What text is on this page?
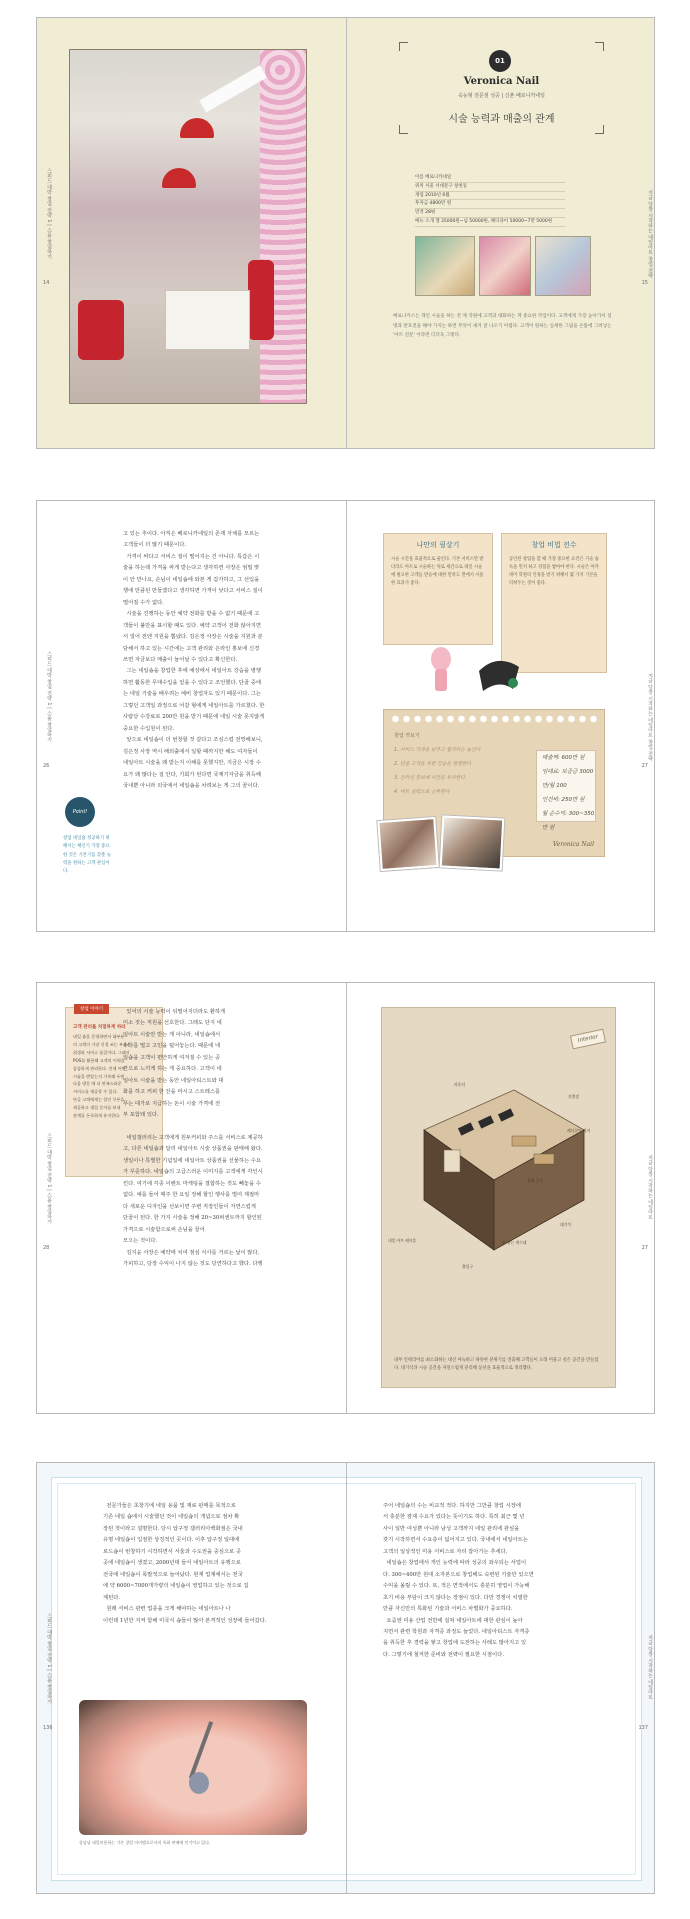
스피드 대박 창업 전략 1 | 스몰 창업하기
14
지금 당장 시작하는 네일아트 창업 전략
15
01
Veronica Nail
숙능형 전문점 성공 | 신촌 베로니카네일
시술 능력과 매출의 관계
이름 베로니카네일
위치 서울 서대문구 창천동
개업 2010년 6월
투자금 4800만 원
면적 28평
메뉴 소개 젤 35000원~넘 50000원, 패디큐어 50000~7만 5000원
베로니카스는 개인 시술을 하는 전 제 직원에 고객과 대화하는 게 중요한 작업이다. 고객에게 가장 높아가서 설명과 반호전을 해야 가지는 하면 무엇이 새겨 잘 나오기 어렵다. 고객이 원하는 심세한 그림을 손톱에 그려넣는 '아트 전문' 이라면 더더욱 그렇다.
스피드 대박 창업 전략 1 | 스몰 창업하기
26
고 있는 추이다. 아직은 베로니카네일의 존재 자체를 모르는
고객들이 더 많기 때문이다.
가격이 싸다고 서비스 질이 떨어지는 건 아니다. 특갑은 시
술을 하는데 가격을 싸게 받는다고 생각하면 사장은 엄밀 맞
이 안 만나요, 손님이 네일숍에 와본 게 갑자하고, 그 선입을
행에 만큼된 만들겠다고 생각하면 가격이 낮다고 서비스 질이
떨어질 수가 없다.
시술을 진행하는 동안 예약 전화를 받을 수 없기 때문에 고
객들이 불만을 표시할 때도 있다. 예약 고객이 전화 않아지면
서 얼어 전엔 지원을 뽐냈다. 김은정 사장은 시술을 지원과 분
담해서 하고 있는 시간에는 고객 관리와 온라인 홍보에 신경
쓰면 자금보다 매출이 늘어날 수 있다고 확신한다.
그는 네일숍을 창업한 후에 예상에서 네일아트 강습을 병행
하면 활동한 무대수입을 얻을 수 있다고 조언했다. 단골 중에
는 네일 기술을 배우려는 예비 창업자도 있기 때문이다. 그는
그렇던 고객일 과정으로 어갈 형에게 네일아트를 가르쳤다. 한
사람당 수강료로 200만 원을 받기 때문에 네일 시술 못지않게
중요한 수입원이 된다.
앞으로 네일숍이 더 번창할 것 같다고 조심스럽 전망해보니,
김은정 사장 역시 해외출에서 일할 때까지만 해도 여자들이
네일아트 시술을 왜 받는지 이해를 못했지만, 지금은 시장 수
요가 왜 많다는 걸 안다, 기회가 된다면 국제기자금을 취득해
국내뿐 아니라 외국에서 네일숍을 차려보는 게 그의 꿈이다.
Point!
창업 네일숍 성공하기 위해서는 체인기 가장 중요한 것은 기본기를 갖춘 능력을 원하는 고객 관심이다.
지금 당장 시작하는 네일아트 창업 전략
27
나만의 필살기
시술 시간을 효율적으로 줄인다. 기본 서비스만 받더라도 아트로 시술하는 뒤로 세간으로 네일 시술에 필요한 고객들 반응에 대한 만족도 면에서 서울한 효과가 좋다.
창업 비법 전수
공인된 창업을 할 때 가장 중요한 요건은 기술 습득을 먼저 하고 경험을 쌓아야 한다. 시술은 아카데미 학원의 인정을 받기 위해서 몇 가지 기본을 익혀두는 것이 좋다.
창업 엿보기
1. 서비스 가격을 낮추고 퀄리티는 높인다
2. 단골 고객을 위한 강습을 병행한다
3. 온라인 홍보에 시간을 투자한다
4. 아트 실력으로 승부한다
매출액: 600만 원
임대료: 보증금 3000만/월 100
인건비: 250만 원
월 순수익: 300~350만 원
Veronica Nail
스피드 대박 창업 전략 1 | 스몰 창업하기
28
창업 이야기
고객 관리를 치밀하게 하라
네일 숍을 운영하면서 대부분
의 고객이 가장 신경 쓰는 부분은
위생과 서비스 품질이다. 그래서
POS를 활용해 고객의 이력을
꼼꼼하게 관리한다. 언제 어떤
시술을 받았는지 기록해 두면
다음 방문 때 더 만족스러운
서비스를 제공할 수 있다.
단골 고객에게는 할인 쿠폰을
제공하고 생일 문자를 보내
관계를 돈독하게 유지한다.
있어의 시술 능력이 뒤떨어지더라도 환하게
미소 짓는 직원을 선호한다. 그래도 단지 네
일아트 시술만 받는 게 아니라, 네일숍에서
수다를 떨고 고민을 털어놓는다. 때문에 네
일숍을 고객이 편안하게 여겨질 수 있는 공
간으로 느끼게 하는 게 중요하다. 고객이 네
일아트 시술을 받는 동안 네일아티스트와 대
화를 하고 커피 한 잔을 마시고 스트레스를
푸는 대가로 지급하는 돈이 시술 가격에 전
부 포함돼 있다.

네일갤러리는 고객에게 원두커피와 주스를 서비스로 제공하
고, 다른 네일숍과 달리 네일아트 시술 상품권을 판매해 왔다.
생일이나 특별한 기념일에 네일아트 상품권을 선물하는 수요
가 꾸준하다. 네일숍의 고급스러운 이미지를 고객에게 각인시
킨다. 여기에 각종 이벤트 마케팅을 결합하는 것도 빼놓을 수
없다. 예를 들어 매주 한 요일 정해 할인 행사를 벌여 계절마
다 새로운 디자인을 선보이면 주변 직장인들이 자연스럽게
단골이 된다. 한 가지 시술을 정해 20~30퍼센트까지 할인된
가격으로 시술함으로써 손님을 끌어
모으는 것이다.
김지윤 사장은 예약에 치여 점심 식사를 거르는 날이 많다.
가피하고, 당장 수익이 나지 않는 것도 당연하다고 했다. 다행
지금 당장 시작하는 네일아트
27
Interior
카운터
네일 아트 테이블
휴게 공간
진열장
출입구
페디큐어 의자
대기석
손 씻는 개수대
내부 인테리어를 최소화하는 대신 아늑하고 따뜻한 분위기를 연출해 고객들이 오래 머물고 싶은 공간을 만들었다. 대기석과 시술 공간을 자연스럽게 분리해 동선을 효율적으로 정리했다.
스피드 대박 창업 전략 1 | 스몰 창업하기
136
전문가들은 초창기에 네일 용품 및 재료 판매를 목적으로
기존 네일 숍에서 시술했던 것이 네일숍의 개념으로 점차 확
장된 것이라고 설명한다. 당시 압구정 갤러리아백화점은 국내
유명 네일숍이 입점한 상징적인 곳이다. 이후 압구정 일대에
로드숍이 번창하기 시작하면서 서울과 수도권을 중심으로 곳
곳에 네일숍이 생겼고, 2000년대 들어 네일아트의 유행으로
전국에 네일숍이 폭발적으로 늘어났다. 현재 업계에서는 전국
에 약 6000~7000개가량의 네일숍이 영업하고 있는 것으로 집
계된다.
원래 서비스 관련 업종을 크게 해야하는 네일아트나 나
이런데 1년만 지켜 함해 미국식 숍들이 많아 본격적인 성장에 들어갔다.
강남남 네일미용하는 기존 창업 아이템으로서의 특화 판매에 인기이고 있다.
지금 당장 시작하는 네일아트
137
주어 네일숍의 수는 비교적 적다. 하지만 그만큼 창업 시장에
서 충분한 잠재 수요가 있다는 뜻이기도 하다. 특히 최근 몇 년
사이 일반 여성뿐 아니라 남성 고객까지 네일 관리에 관심을
갖기 시작하면서 수요층이 넓어지고 있다. 국내에서 네일아트는
고객의 일상적인 미용 서비스로 자리 잡아가는 추세다.
네일숍은 창업에서 개인 능력에 따라 성공의 좌우되는 사업이
다. 300~400만 원대 소자본으로 창업해도 숙련된 기술만 있으면
수익을 올릴 수 있다. 또, 적은 면적에서도 충분히 영업이 가능해
초기 비용 부담이 크지 않다는 장점이 있다. 다만 경쟁이 치열한
만큼 자신만의 특화된 기술과 서비스 차별화가 중요하다.
요즘엔 미용 산업 전반에 걸쳐 네일아트에 대한 관심이 높아
지면서 관련 학원과 자격증 과정도 늘었다. 네일아티스트 자격증
을 취득한 후 경력을 쌓고 창업에 도전하는 사례도 많아지고 있
다. 그렇기에 철저한 준비와 전략이 필요한 시점이다.
